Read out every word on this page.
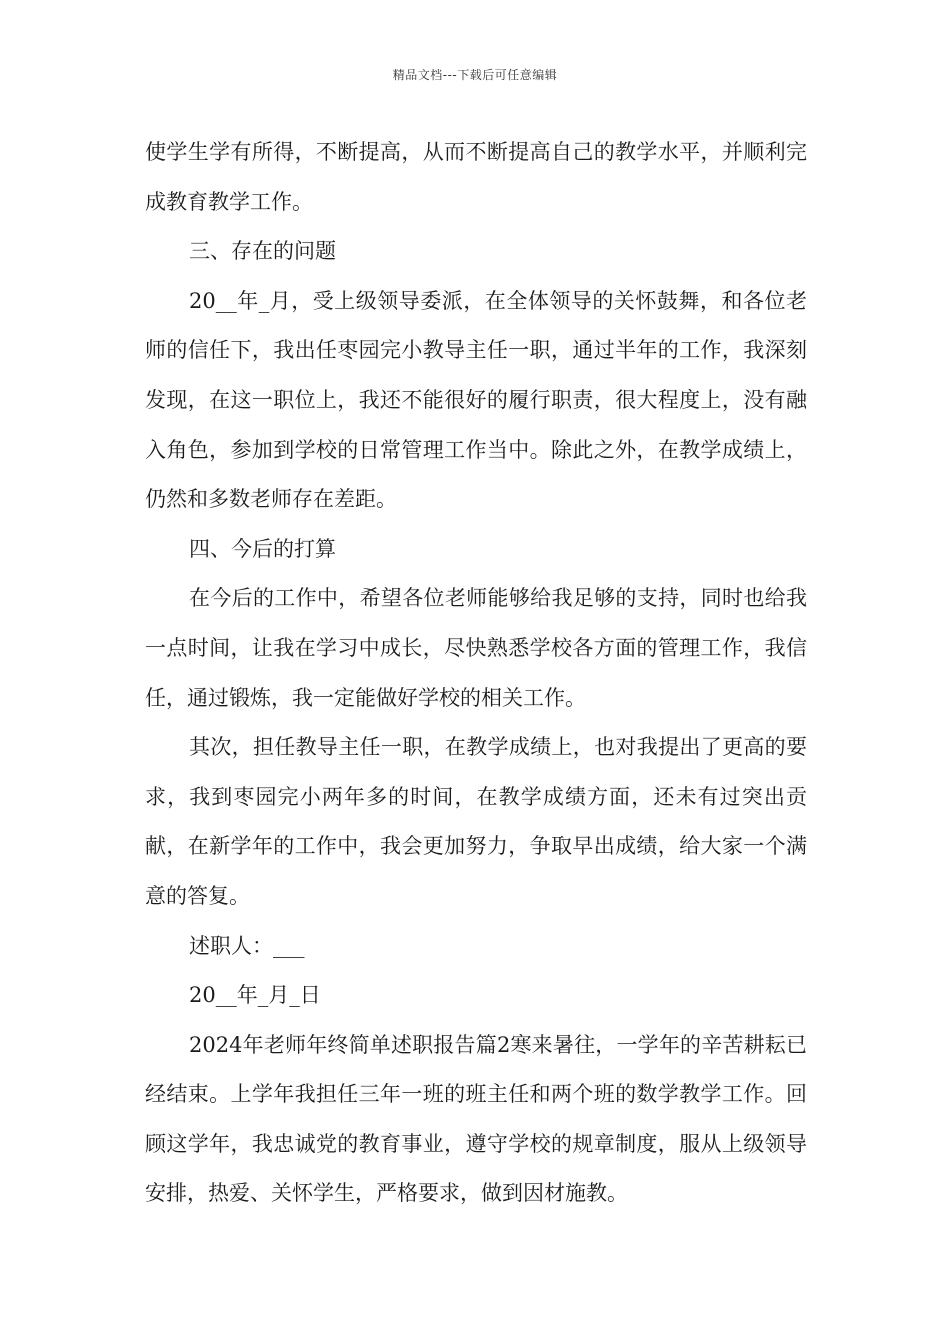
精品文档---下载后可任意编辑

使学生学有所得，不断提高，从而不断提高自己的教学水平，并顺利完成教育教学工作。

三、存在的问题

20__年_月，受上级领导委派，在全体领导的关怀鼓舞，和各位老师的信任下，我出任枣园完小教导主任一职，通过半年的工作，我深刻发现，在这一职位上，我还不能很好的履行职责，很大程度上，没有融入角色，参加到学校的日常管理工作当中。除此之外，在教学成绩上，仍然和多数老师存在差距。

四、今后的打算

在今后的工作中，希望各位老师能够给我足够的支持，同时也给我一点时间，让我在学习中成长，尽快熟悉学校各方面的管理工作，我信任，通过锻炼，我一定能做好学校的相关工作。

其次，担任教导主任一职，在教学成绩上，也对我提出了更高的要求，我到枣园完小两年多的时间，在教学成绩方面，还未有过突出贡献，在新学年的工作中，我会更加努力，争取早出成绩，给大家一个满意的答复。

述职人：___

20__年_月_日

2024年老师年终简单述职报告篇2寒来暑往，一学年的辛苦耕耘已经结束。上学年我担任三年一班的班主任和两个班的数学教学工作。回顾这学年，我忠诚党的教育事业，遵守学校的规章制度，服从上级领导安排，热爱、关怀学生，严格要求，做到因材施教。
